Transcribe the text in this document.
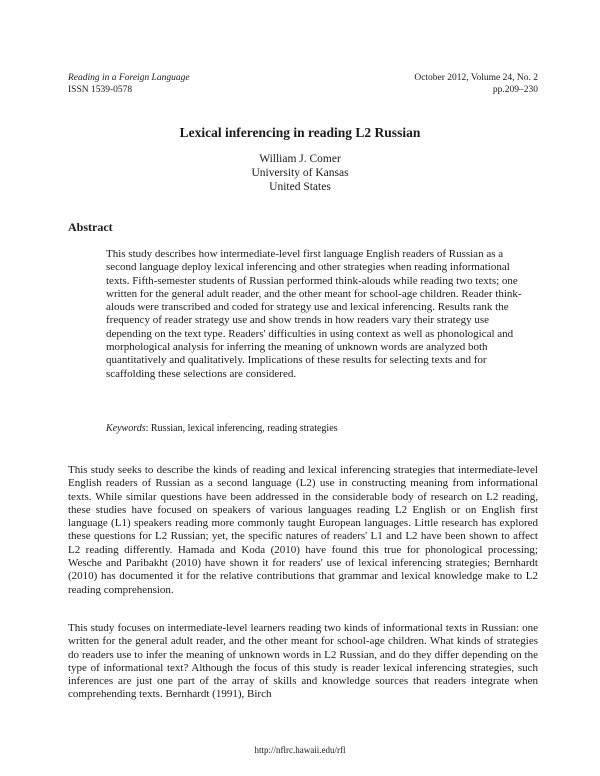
Reading in a Foreign Language
ISSN 1539-0578
October 2012, Volume 24, No. 2
pp.209–230
Lexical inferencing in reading L2 Russian
William J. Comer
University of Kansas
United States
Abstract
This study describes how intermediate-level first language English readers of Russian as a second language deploy lexical inferencing and other strategies when reading informational texts. Fifth-semester students of Russian performed think-alouds while reading two texts; one written for the general adult reader, and the other meant for school-age children. Reader think-alouds were transcribed and coded for strategy use and lexical inferencing. Results rank the frequency of reader strategy use and show trends in how readers vary their strategy use depending on the text type. Readers' difficulties in using context as well as phonological and morphological analysis for inferring the meaning of unknown words are analyzed both quantitatively and qualitatively. Implications of these results for selecting texts and for scaffolding these selections are considered.
Keywords: Russian, lexical inferencing, reading strategies
This study seeks to describe the kinds of reading and lexical inferencing strategies that intermediate-level English readers of Russian as a second language (L2) use in constructing meaning from informational texts. While similar questions have been addressed in the considerable body of research on L2 reading, these studies have focused on speakers of various languages reading L2 English or on English first language (L1) speakers reading more commonly taught European languages. Little research has explored these questions for L2 Russian; yet, the specific natures of readers' L1 and L2 have been shown to affect L2 reading differently. Hamada and Koda (2010) have found this true for phonological processing; Wesche and Paribakht (2010) have shown it for readers' use of lexical inferencing strategies; Bernhardt (2010) has documented it for the relative contributions that grammar and lexical knowledge make to L2 reading comprehension.
This study focuses on intermediate-level learners reading two kinds of informational texts in Russian: one written for the general adult reader, and the other meant for school-age children. What kinds of strategies do readers use to infer the meaning of unknown words in L2 Russian, and do they differ depending on the type of informational text? Although the focus of this study is reader lexical inferencing strategies, such inferences are just one part of the array of skills and knowledge sources that readers integrate when comprehending texts. Bernhardt (1991), Birch
http://nflrc.hawaii.edu/rfl
